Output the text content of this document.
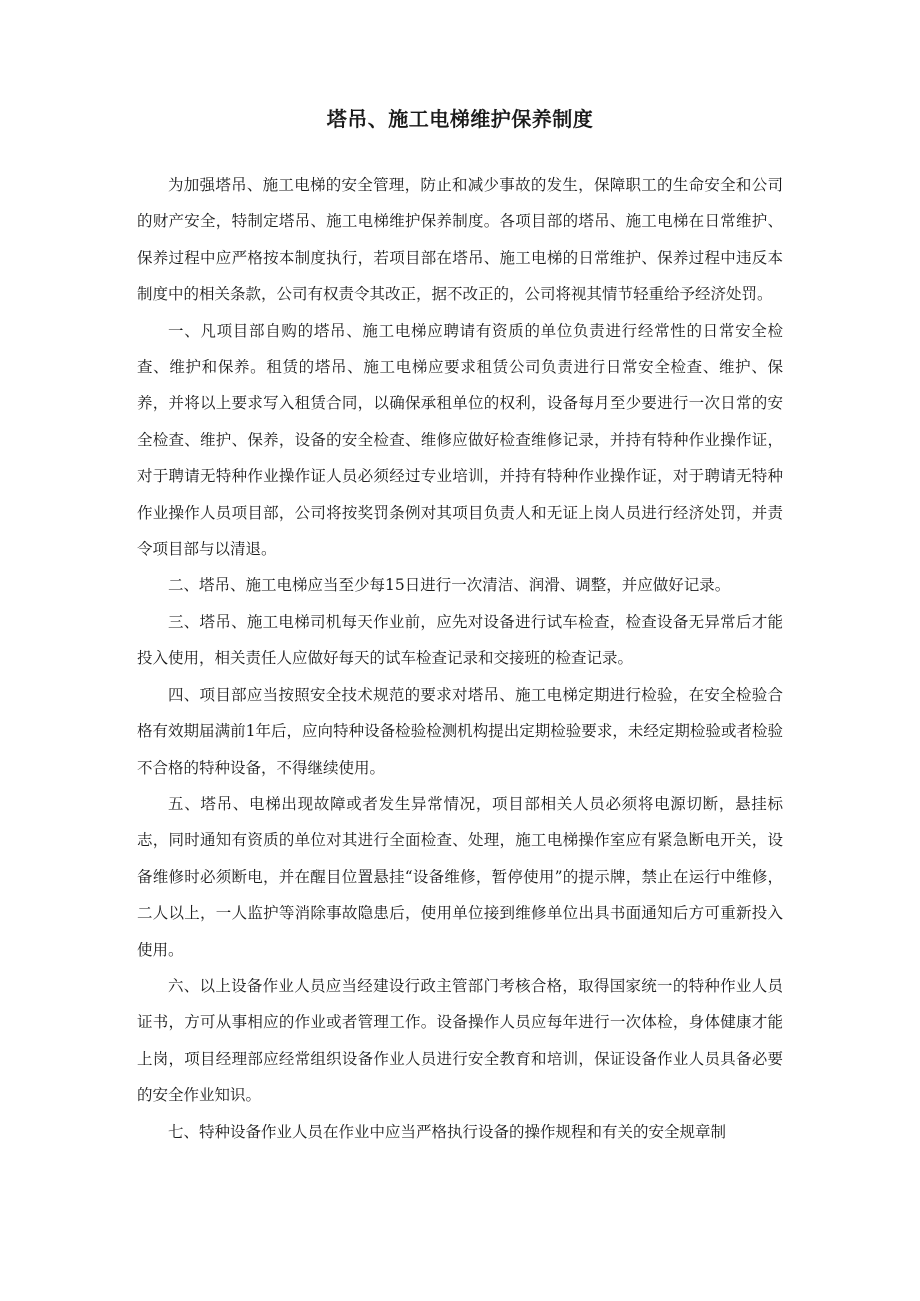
塔吊、施工电梯维护保养制度

为加强塔吊、施工电梯的安全管理，防止和减少事故的发生，保障职工的生命安全和公司的财产安全，特制定塔吊、施工电梯维护保养制度。各项目部的塔吊、施工电梯在日常维护、保养过程中应严格按本制度执行，若项目部在塔吊、施工电梯的日常维护、保养过程中违反本制度中的相关条款，公司有权责令其改正，据不改正的，公司将视其情节轻重给予经济处罚。

一、凡项目部自购的塔吊、施工电梯应聘请有资质的单位负责进行经常性的日常安全检查、维护和保养。租赁的塔吊、施工电梯应要求租赁公司负责进行日常安全检查、维护、保养，并将以上要求写入租赁合同，以确保承租单位的权利，设备每月至少要进行一次日常的安全检查、维护、保养，设备的安全检查、维修应做好检查维修记录，并持有特种作业操作证，对于聘请无特种作业操作证人员必须经过专业培训，并持有特种作业操作证，对于聘请无特种作业操作人员项目部，公司将按奖罚条例对其项目负责人和无证上岗人员进行经济处罚，并责令项目部与以清退。

二、塔吊、施工电梯应当至少每15日进行一次清洁、润滑、调整，并应做好记录。

三、塔吊、施工电梯司机每天作业前，应先对设备进行试车检查，检查设备无异常后才能投入使用，相关责任人应做好每天的试车检查记录和交接班的检查记录。

四、项目部应当按照安全技术规范的要求对塔吊、施工电梯定期进行检验，在安全检验合格有效期届满前1年后，应向特种设备检验检测机构提出定期检验要求，未经定期检验或者检验不合格的特种设备，不得继续使用。

五、塔吊、电梯出现故障或者发生异常情况，项目部相关人员必须将电源切断，悬挂标志，同时通知有资质的单位对其进行全面检查、处理，施工电梯操作室应有紧急断电开关，设备维修时必须断电，并在醒目位置悬挂“设备维修，暂停使用”的提示牌，禁止在运行中维修，二人以上，一人监护等消除事故隐患后，使用单位接到维修单位出具书面通知后方可重新投入使用。

六、以上设备作业人员应当经建设行政主管部门考核合格，取得国家统一的特种作业人员证书，方可从事相应的作业或者管理工作。设备操作人员应每年进行一次体检，身体健康才能上岗，项目经理部应经常组织设备作业人员进行安全教育和培训，保证设备作业人员具备必要的安全作业知识。

七、特种设备作业人员在作业中应当严格执行设备的操作规程和有关的安全规章制
